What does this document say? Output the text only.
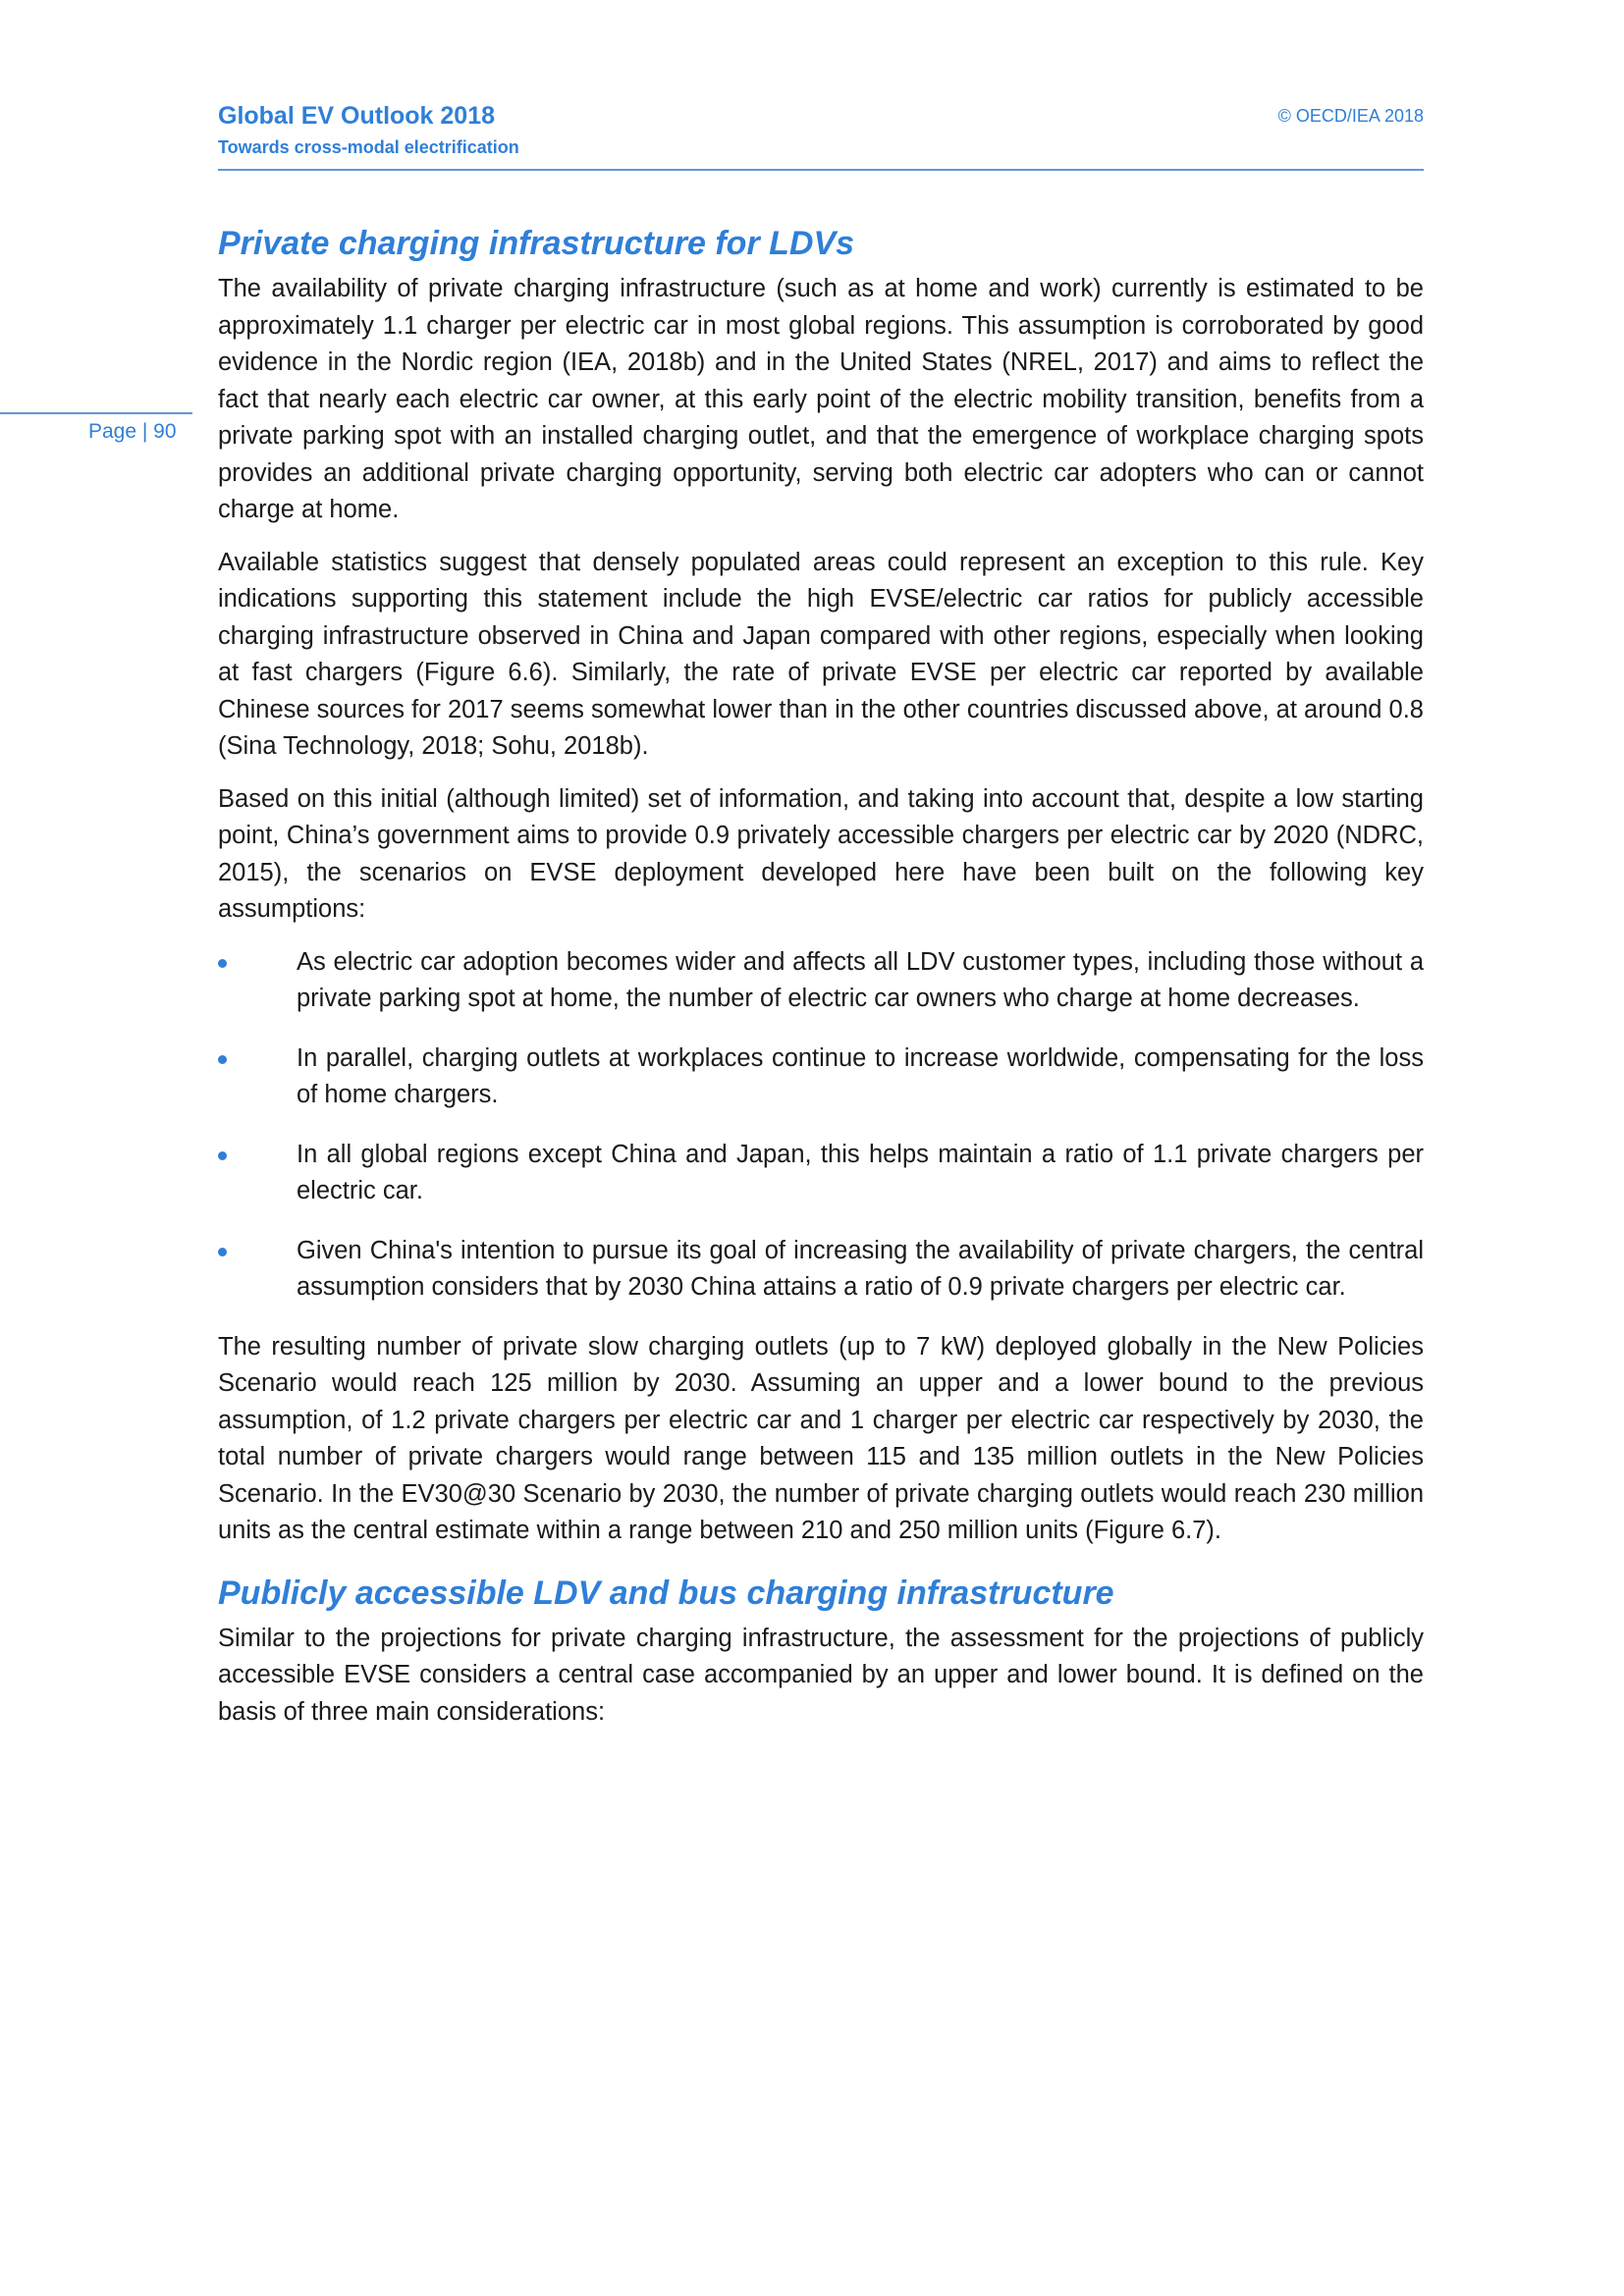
Global EV Outlook 2018
Towards cross-modal electrification
© OECD/IEA 2018
Page | 90
Private charging infrastructure for LDVs

The availability of private charging infrastructure (such as at home and work) currently is estimated to be approximately 1.1 charger per electric car in most global regions. This assumption is corroborated by good evidence in the Nordic region (IEA, 2018b) and in the United States (NREL, 2017) and aims to reflect the fact that nearly each electric car owner, at this early point of the electric mobility transition, benefits from a private parking spot with an installed charging outlet, and that the emergence of workplace charging spots provides an additional private charging opportunity, serving both electric car adopters who can or cannot charge at home.

Available statistics suggest that densely populated areas could represent an exception to this rule. Key indications supporting this statement include the high EVSE/electric car ratios for publicly accessible charging infrastructure observed in China and Japan compared with other regions, especially when looking at fast chargers (Figure 6.6). Similarly, the rate of private EVSE per electric car reported by available Chinese sources for 2017 seems somewhat lower than in the other countries discussed above, at around 0.8 (Sina Technology, 2018; Sohu, 2018b).

Based on this initial (although limited) set of information, and taking into account that, despite a low starting point, China’s government aims to provide 0.9 privately accessible chargers per electric car by 2020 (NDRC, 2015), the scenarios on EVSE deployment developed here have been built on the following key assumptions:

As electric car adoption becomes wider and affects all LDV customer types, including those without a private parking spot at home, the number of electric car owners who charge at home decreases.
In parallel, charging outlets at workplaces continue to increase worldwide, compensating for the loss of home chargers.
In all global regions except China and Japan, this helps maintain a ratio of 1.1 private chargers per electric car.
Given China's intention to pursue its goal of increasing the availability of private chargers, the central assumption considers that by 2030 China attains a ratio of 0.9 private chargers per electric car.

The resulting number of private slow charging outlets (up to 7 kW) deployed globally in the New Policies Scenario would reach 125 million by 2030. Assuming an upper and a lower bound to the previous assumption, of 1.2 private chargers per electric car and 1 charger per electric car respectively by 2030, the total number of private chargers would range between 115 and 135 million outlets in the New Policies Scenario. In the EV30@30 Scenario by 2030, the number of private charging outlets would reach 230 million units as the central estimate within a range between 210 and 250 million units (Figure 6.7).

Publicly accessible LDV and bus charging infrastructure

Similar to the projections for private charging infrastructure, the assessment for the projections of publicly accessible EVSE considers a central case accompanied by an upper and lower bound. It is defined on the basis of three main considerations:
